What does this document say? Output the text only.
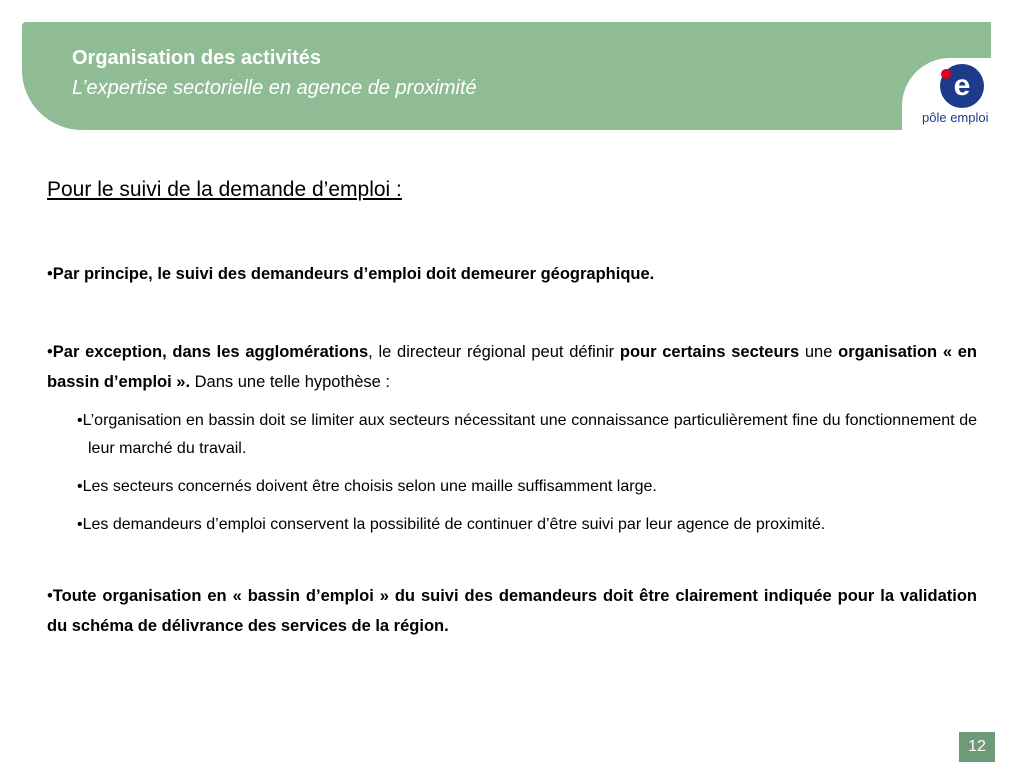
Organisation des activités
L’expertise sectorielle en agence de proximité	e
pôle emploi
Pour le suivi de la demande d’emploi :

•Par principe, le suivi des demandeurs d’emploi doit demeurer géographique.

•Par exception, dans les agglomérations, le directeur régional peut définir pour certains secteurs une organisation « en bassin d’emploi ». Dans une telle hypothèse :

•L’organisation en bassin doit se limiter aux secteurs nécessitant une connaissance particulièrement fine du fonctionnement de leur marché du travail.

•Les secteurs concernés doivent être choisis selon une maille suffisamment large.

•Les demandeurs d’emploi conservent la possibilité de continuer d’être suivi par leur agence de proximité.

•Toute organisation en « bassin d’emploi » du suivi des demandeurs doit être clairement indiquée pour la validation du schéma de délivrance des services de la région.

12
